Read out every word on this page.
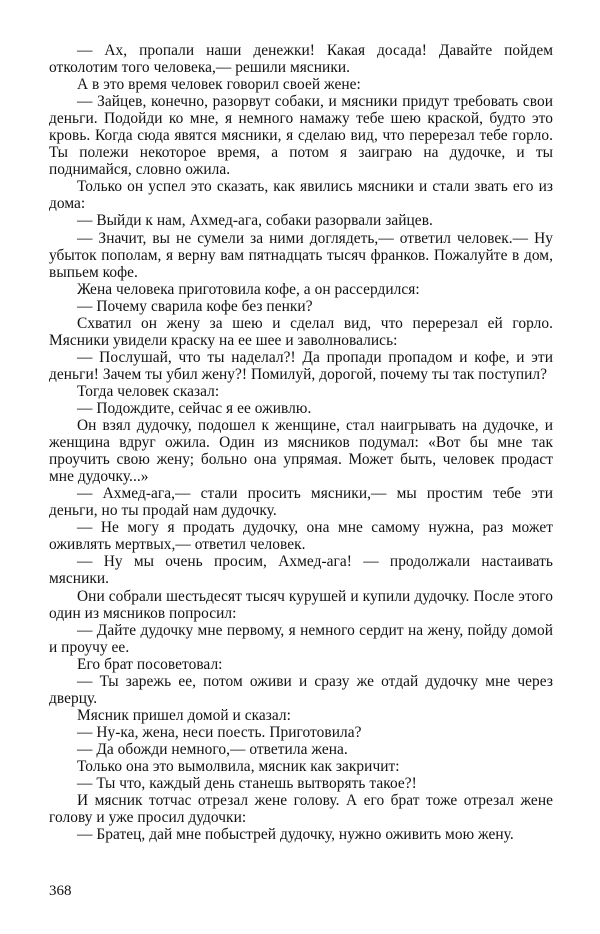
— Ах, пропали наши денежки! Какая досада! Давайте пойдем отколотим того человека,— решили мясники.

А в это время человек говорил своей жене:

— Зайцев, конечно, разорвут собаки, и мясники придут требовать свои деньги. Подойди ко мне, я немного намажу тебе шею краской, будто это кровь. Когда сюда явятся мясники, я сделаю вид, что перерезал тебе горло. Ты полежи некоторое время, а потом я заиграю на дудочке, и ты поднимайся, словно ожила.

Только он успел это сказать, как явились мясники и стали звать его из дома:

— Выйди к нам, Ахмед-ага, собаки разорвали зайцев.

— Значит, вы не сумели за ними доглядеть,— ответил человек.— Ну убыток пополам, я верну вам пятнадцать тысяч франков. Пожалуйте в дом, выпьем кофе.

Жена человека приготовила кофе, а он рассердился:

— Почему сварила кофе без пенки?

Схватил он жену за шею и сделал вид, что перерезал ей горло. Мясники увидели краску на ее шее и заволновались:

— Послушай, что ты наделал?! Да пропади пропадом и кофе, и эти деньги! Зачем ты убил жену?! Помилуй, дорогой, почему ты так поступил?

Тогда человек сказал:

— Подождите, сейчас я ее оживлю.

Он взял дудочку, подошел к женщине, стал наигрывать на дудочке, и женщина вдруг ожила. Один из мясников подумал: «Вот бы мне так проучить свою жену; больно она упрямая. Может быть, человек продаст мне дудочку...»

— Ахмед-ага,— стали просить мясники,— мы простим тебе эти деньги, но ты продай нам дудочку.

— Не могу я продать дудочку, она мне самому нужна, раз может оживлять мертвых,— ответил человек.

— Ну мы очень просим, Ахмед-ага! — продолжали настаивать мясники.

Они собрали шестьдесят тысяч курушей и купили дудочку. После этого один из мясников попросил:

— Дайте дудочку мне первому, я немного сердит на жену, пойду домой и проучу ее.

Его брат посоветовал:

— Ты зарежь ее, потом оживи и сразу же отдай дудочку мне через дверцу.

Мясник пришел домой и сказал:

— Ну-ка, жена, неси поесть. Приготовила?

— Да обожди немного,— ответила жена.

Только она это вымолвила, мясник как закричит:

— Ты что, каждый день станешь вытворять такое?!

И мясник тотчас отрезал жене голову. А его брат тоже отрезал жене голову и уже просил дудочки:

— Братец, дай мне побыстрей дудочку, нужно оживить мою жену.

368
